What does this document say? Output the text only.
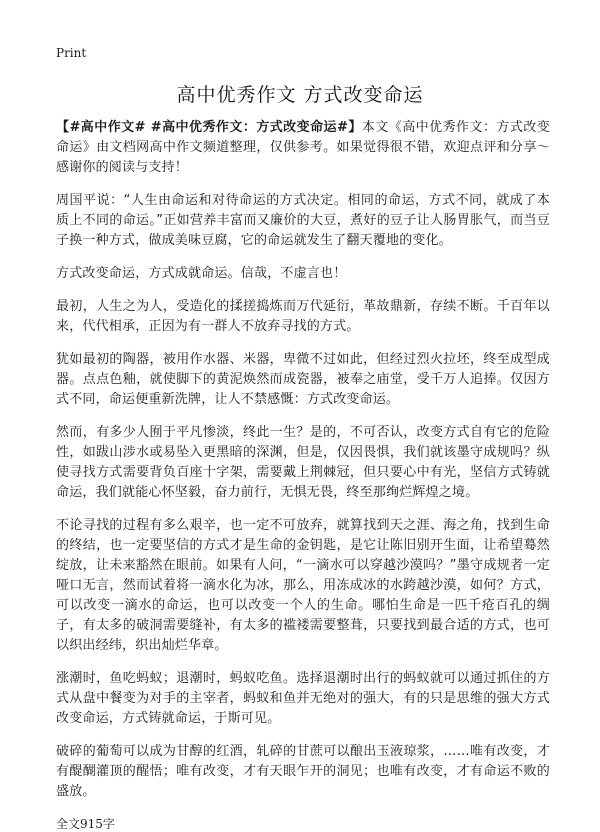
Print
高中优秀作文 方式改变命运

【#高中作文# #高中优秀作文：方式改变命运#】本文《高中优秀作文：方式改变命运》由文档网高中作文频道整理，仅供参考。如果觉得很不错，欢迎点评和分享～感谢你的阅读与支持！

周国平说：“人生由命运和对待命运的方式决定。相同的命运，方式不同，就成了本质上不同的命运。”正如营养丰富而又廉价的大豆，煮好的豆子让人肠胃胀气，而当豆子换一种方式，做成美味豆腐，它的命运就发生了翻天覆地的变化。

方式改变命运，方式成就命运。信哉，不虚言也！

最初，人生之为人，受造化的揉搓捣炼而万代延衍，革故鼎新，存续不断。千百年以来，代代相承，正因为有一群人不放弃寻找的方式。

犹如最初的陶器，被用作水器、米器，卑微不过如此，但经过烈火拉坯，终至成型成器。点点色釉，就使脚下的黄泥焕然而成瓷器，被奉之庙堂，受千万人追捧。仅因方式不同，命运便重新洗牌，让人不禁感慨：方式改变命运。

然而，有多少人囿于平凡惨淡，终此一生？是的，不可否认，改变方式自有它的危险性，如跋山涉水或易坠入更黑暗的深渊，但是，仅因畏惧，我们就该墨守成规吗？纵使寻找方式需要背负百座十字架，需要戴上荆棘冠，但只要心中有光，坚信方式铸就命运，我们就能心怀坚毅，奋力前行，无惧无畏，终至那绚烂辉煌之境。

不论寻找的过程有多么艰辛，也一定不可放弃，就算找到天之涯、海之角，找到生命的终结，也一定要坚信的方式才是生命的金钥匙，是它让陈旧别开生面，让希望蓦然绽放，让未来豁然在眼前。如果有人问，“一滴水可以穿越沙漠吗？”墨守成规者一定哑口无言，然而试着将一滴水化为冰，那么，用冻成冰的水跨越沙漠，如何？方式，可以改变一滴水的命运，也可以改变一个人的生命。哪怕生命是一匹千疮百孔的绸子，有太多的破洞需要缝补，有太多的褴褛需要整葺，只要找到最合适的方式，也可以织出经纬，织出灿烂华章。

涨潮时，鱼吃蚂蚁；退潮时，蚂蚁吃鱼。选择退潮时出行的蚂蚁就可以通过抓住的方式从盘中餐变为对手的主宰者，蚂蚁和鱼并无绝对的强大，有的只是思维的强大方式改变命运，方式铸就命运，于斯可见。

破碎的葡萄可以成为甘醇的红酒，轧碎的甘蔗可以酿出玉液琼浆，……唯有改变，才有醍醐灌顶的醒悟；唯有改变，才有天眼乍开的洞见；也唯有改变，才有命运不败的盛放。

全文915字
